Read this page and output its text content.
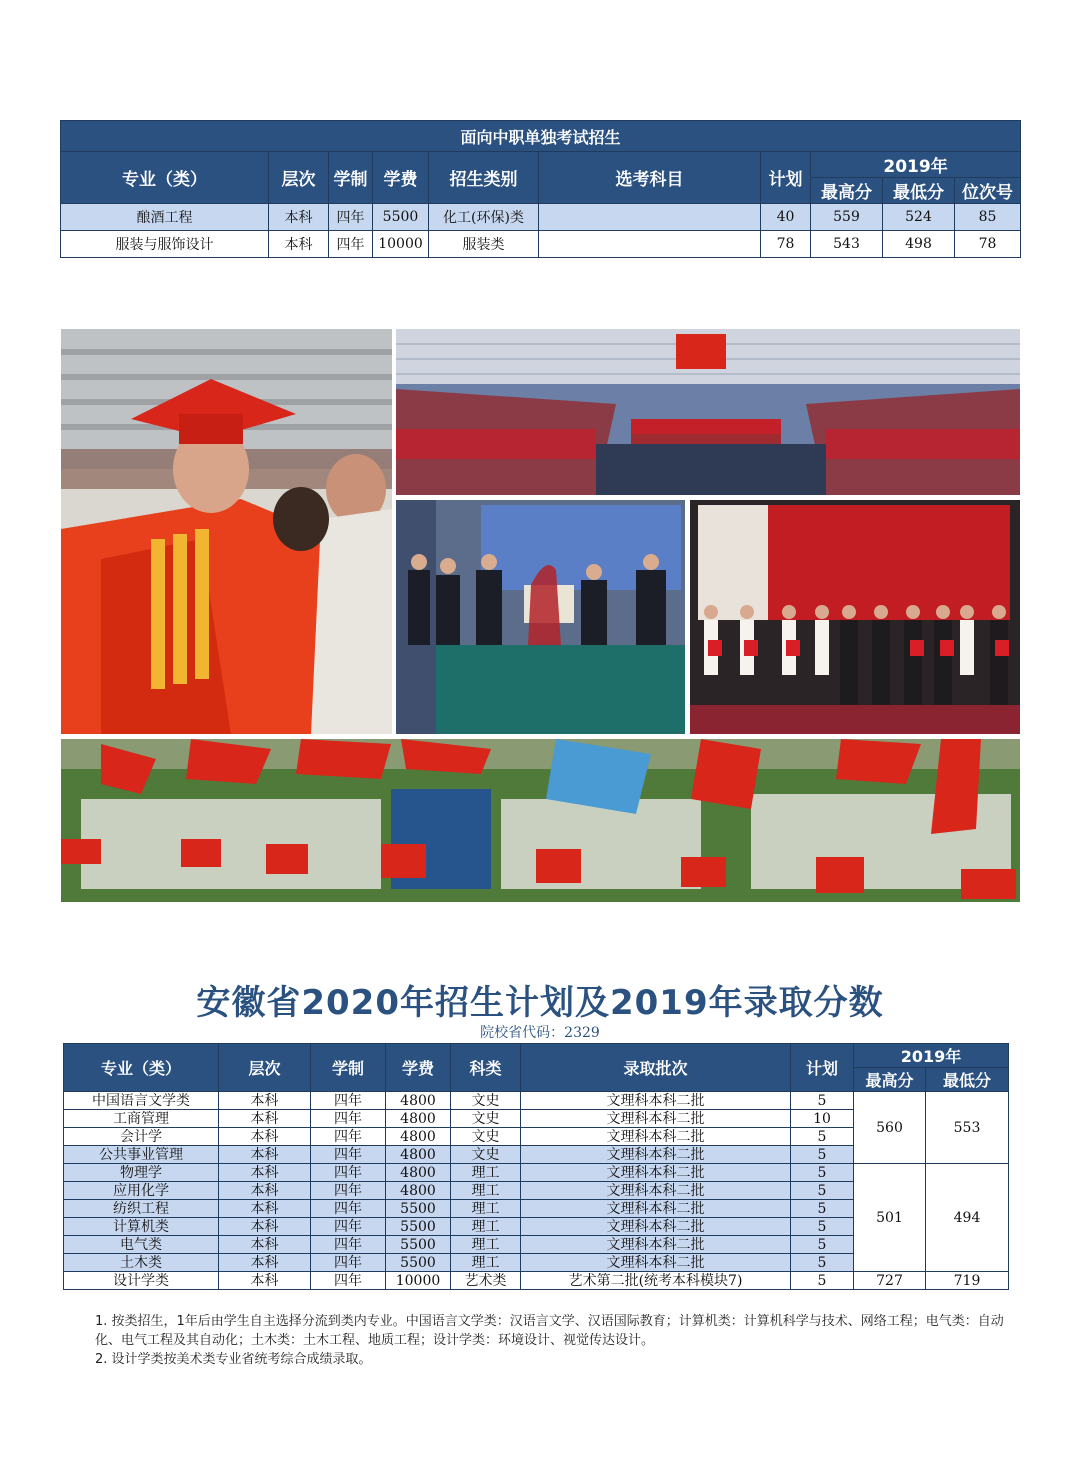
面向中职单独考试招生									
专业（类）	层次	学制	学费	招生类别	选考科目	计划	2019年		
							最高分	最低分	位次号
酿酒工程	本科	四年	5500	化工(环保)类		40	559	524	85
服装与服饰设计	本科	四年	10000	服装类		78	543	498	78
安徽省2020年招生计划及2019年录取分数
院校省代码：2329
专业（类）	层次	学制	学费	科类	录取批次	计划	2019年	
							最高分	最低分
中国语言文学类	本科	四年	4800	文史	文理科本科二批	5	560	553
工商管理	本科	四年	4800	文史	文理科本科二批	10		
会计学	本科	四年	4800	文史	文理科本科二批	5		
公共事业管理	本科	四年	4800	文史	文理科本科二批	5		
物理学	本科	四年	4800	理工	文理科本科二批	5	501	494
应用化学	本科	四年	4800	理工	文理科本科二批	5		
纺织工程	本科	四年	5500	理工	文理科本科二批	5		
计算机类	本科	四年	5500	理工	文理科本科二批	5		
电气类	本科	四年	5500	理工	文理科本科二批	5		
土木类	本科	四年	5500	理工	文理科本科二批	5		
设计学类	本科	四年	10000	艺术类	艺术第二批(统考本科模块7)	5	727	719
1. 按类招生，1年后由学生自主选择分流到类内专业。中国语言文学类：汉语言文学、汉语国际教育；计算机类：计算机科学与技术、网络工程；电气类：自动化、电气工程及其自动化；土木类：土木工程、地质工程；设计学类：环境设计、视觉传达设计。
2. 设计学类按美术类专业省统考综合成绩录取。
